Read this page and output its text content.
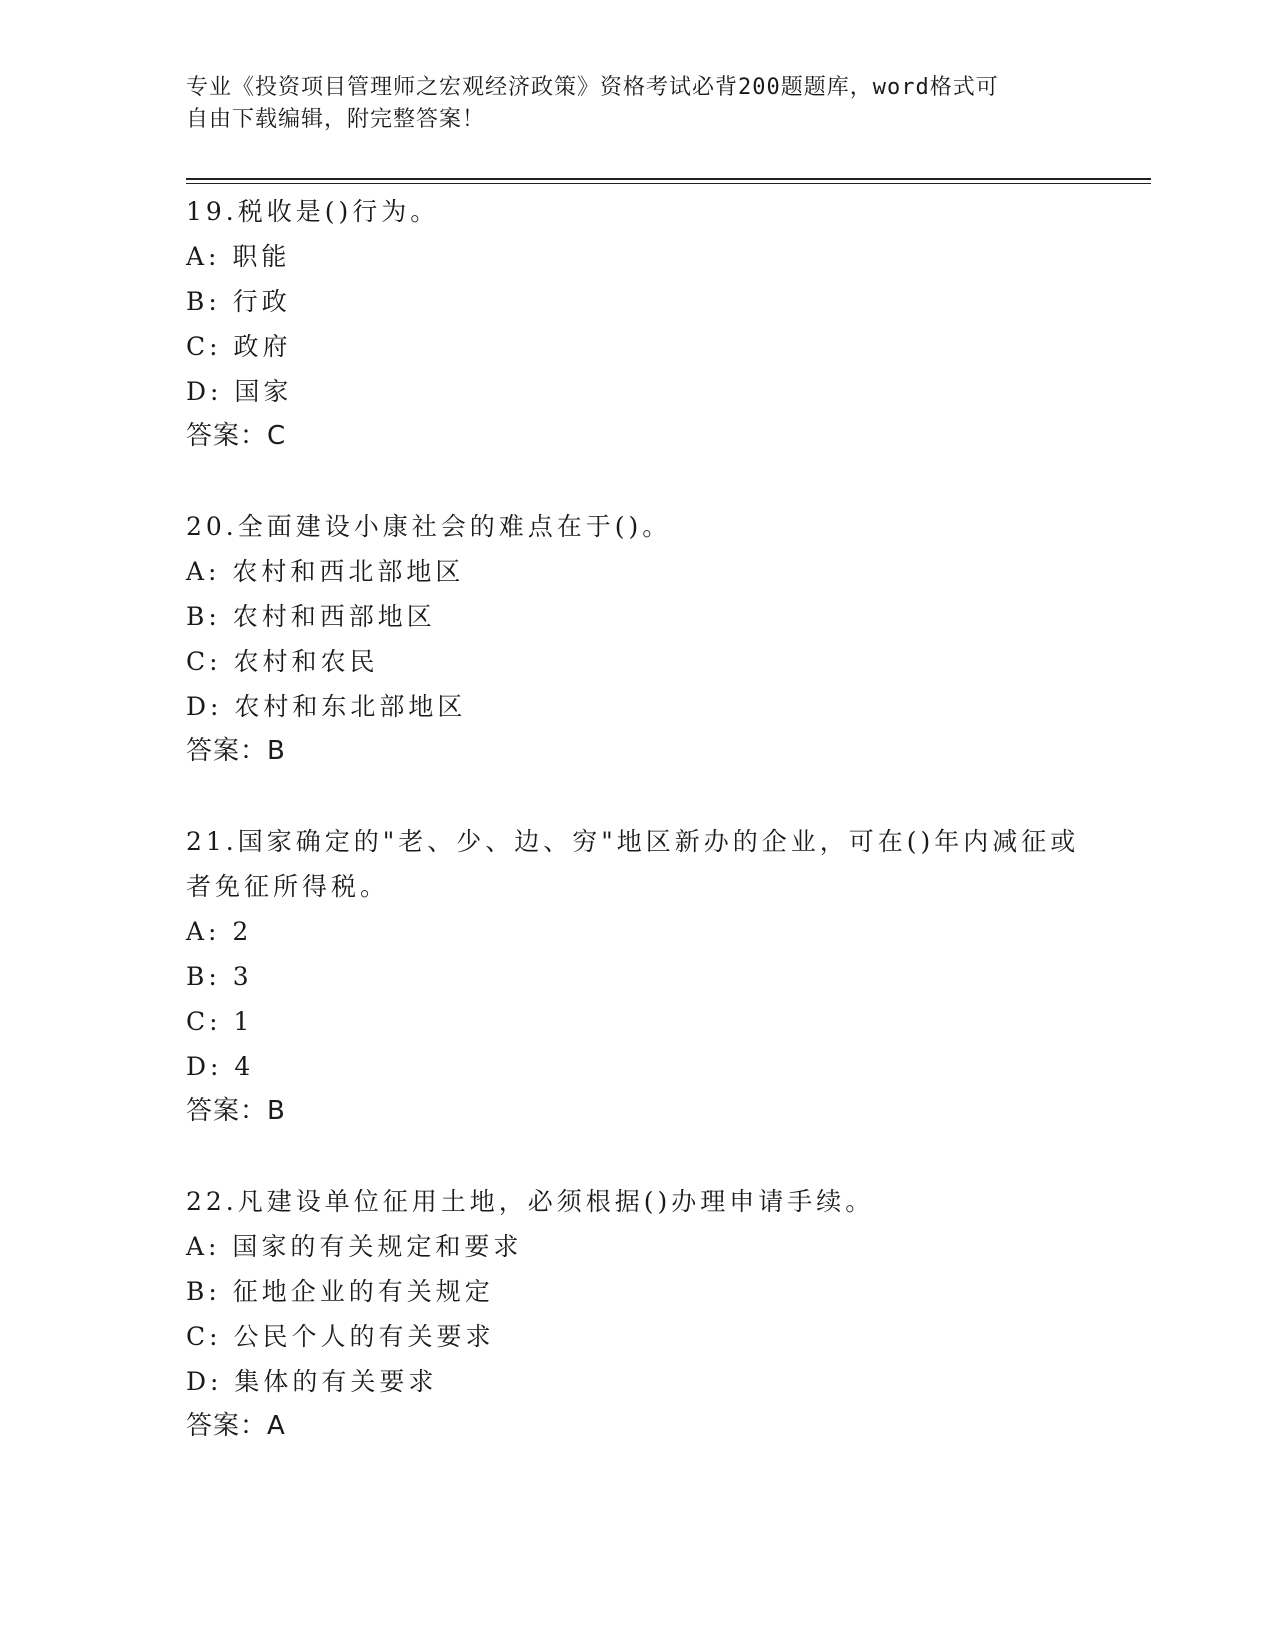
专业《投资项目管理师之宏观经济政策》资格考试必背200题题库，word格式可
自由下载编辑，附完整答案！
19.税收是()行为。
A: 职能
B: 行政
C: 政府
D: 国家
答案：C
20.全面建设小康社会的难点在于()。
A: 农村和西北部地区
B: 农村和西部地区
C: 农村和农民
D: 农村和东北部地区
答案：B
21.国家确定的"老、少、边、穷"地区新办的企业，可在()年内减征或
者免征所得税。
A: 2
B: 3
C: 1
D: 4
答案：B
22.凡建设单位征用土地，必须根据()办理申请手续。
A: 国家的有关规定和要求
B: 征地企业的有关规定
C: 公民个人的有关要求
D: 集体的有关要求
答案：A
